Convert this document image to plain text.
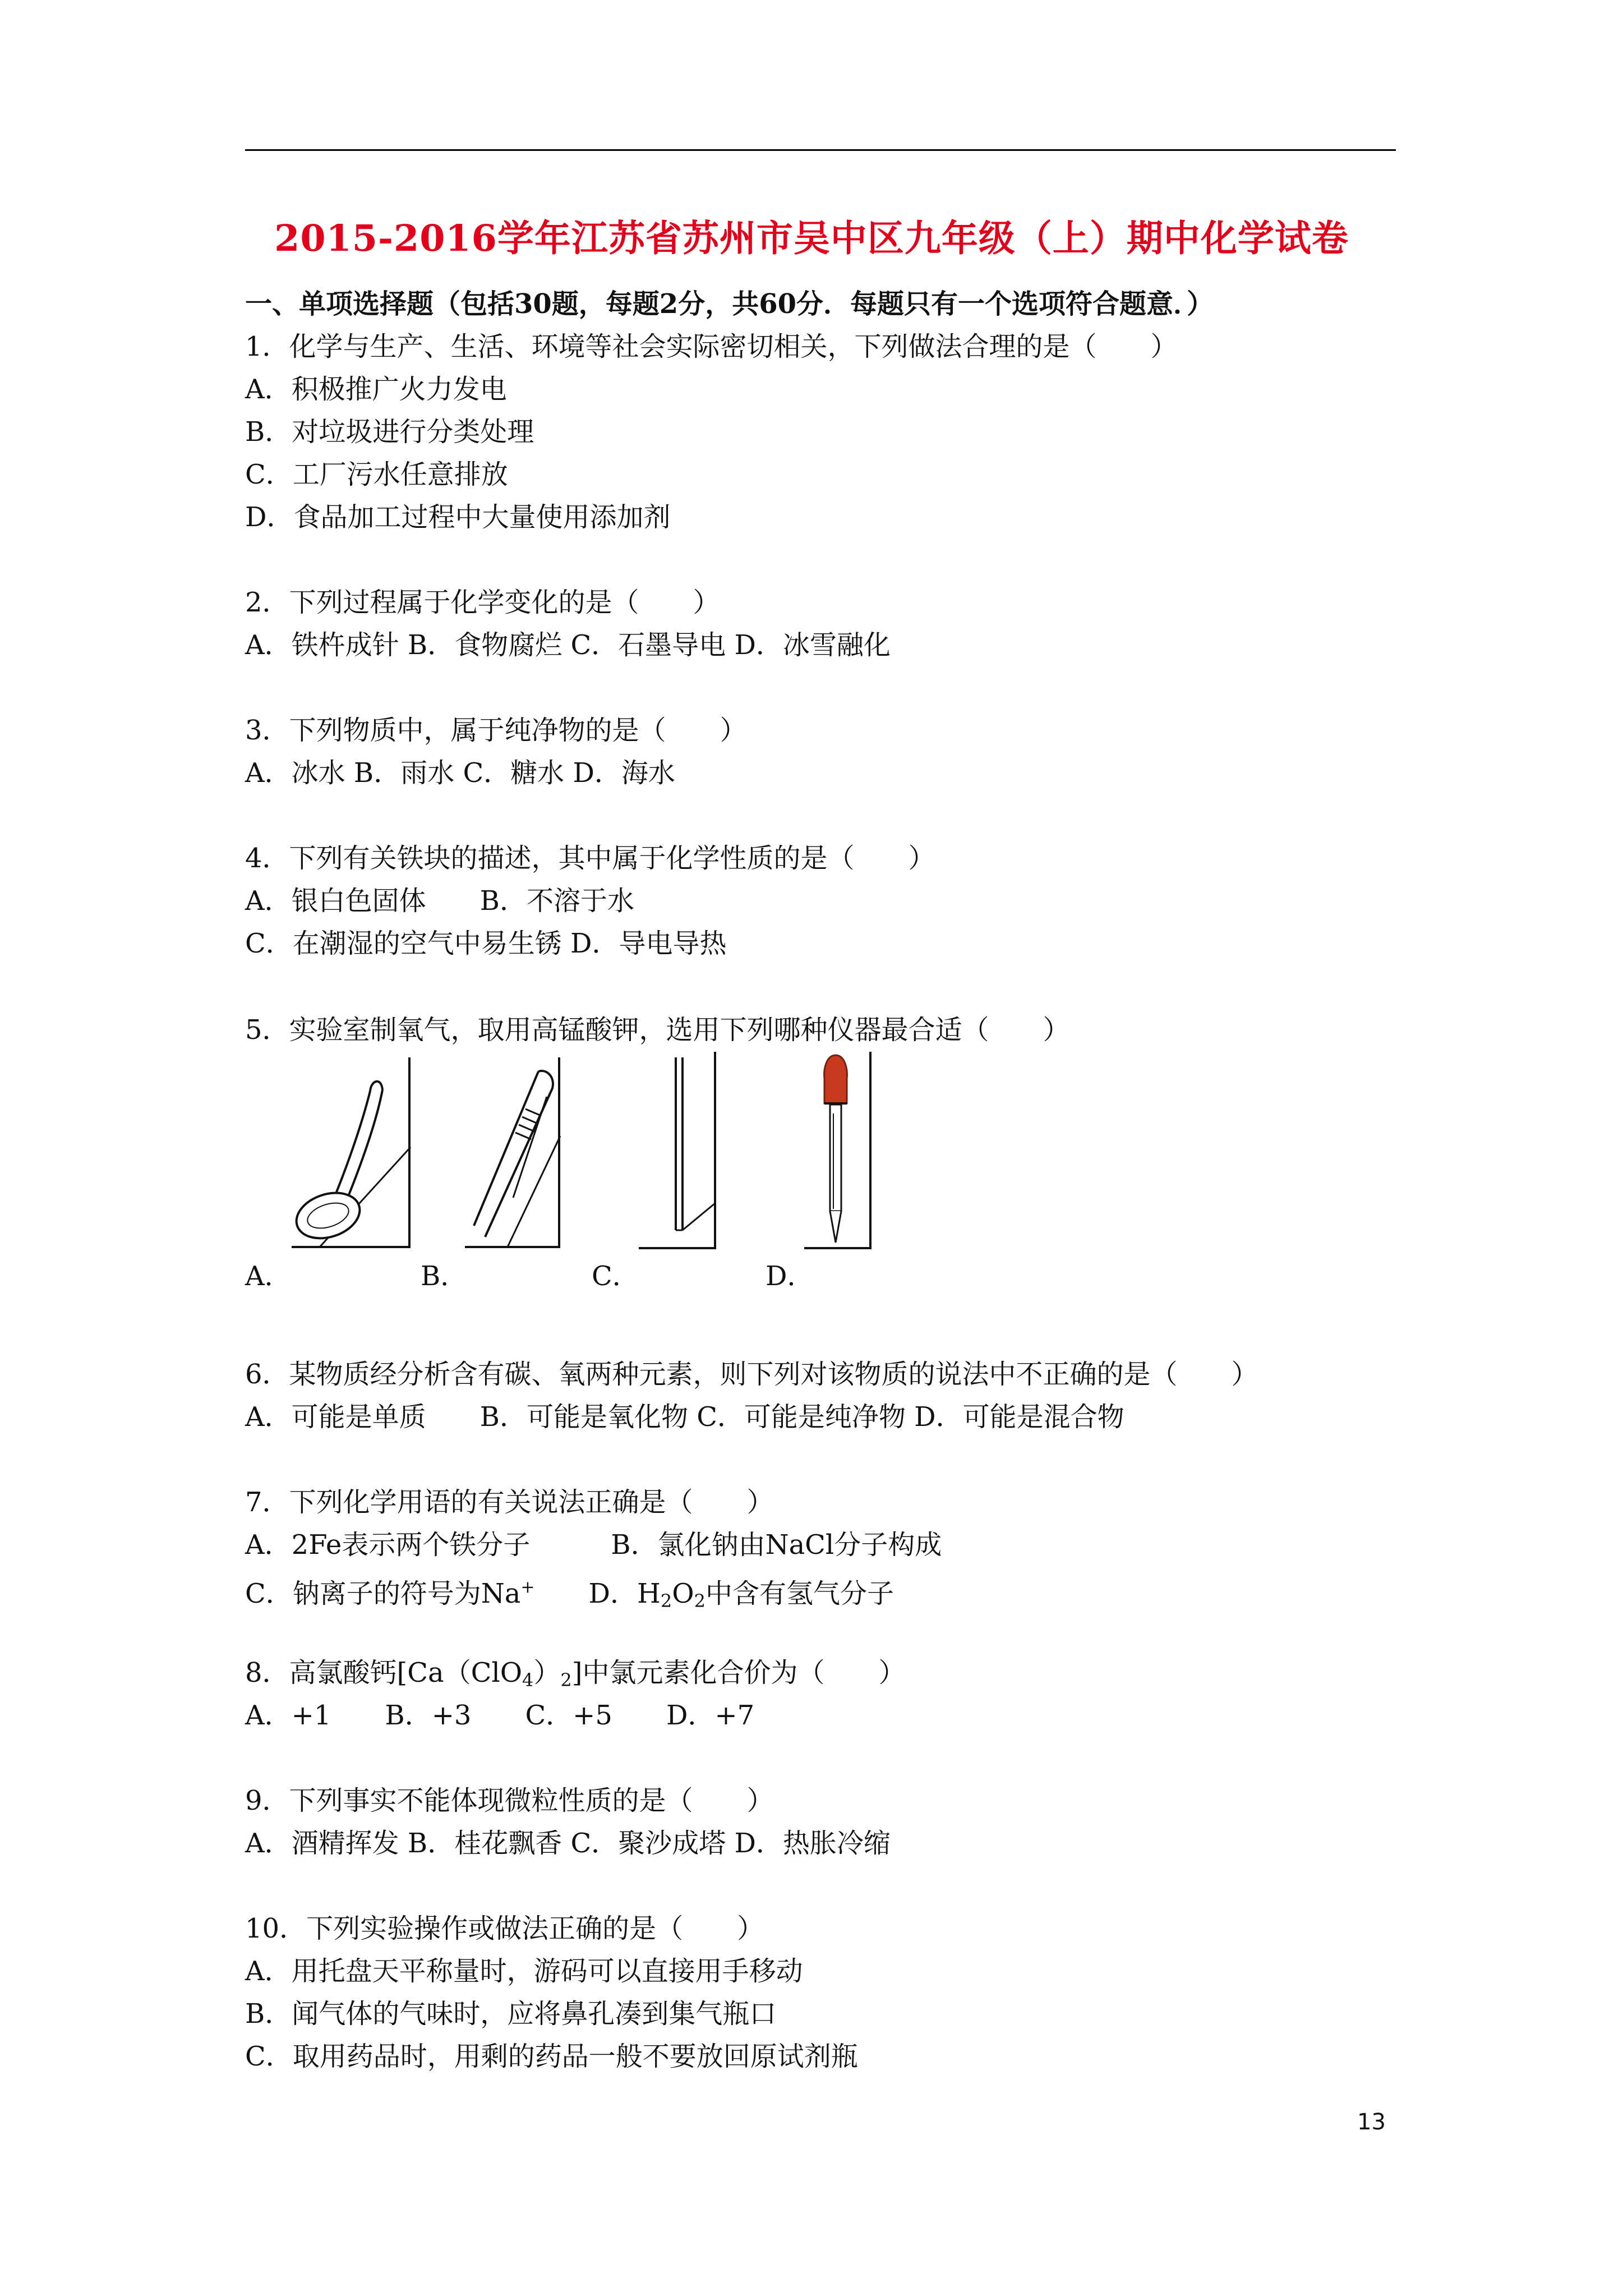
2015-2016学年江苏省苏州市吴中区九年级（上）期中化学试卷
一、单项选择题（包括30题，每题2分，共60分．每题只有一个选项符合题意．）
1．化学与生产、生活、环境等社会实际密切相关，下列做法合理的是（　　）
A．积极推广火力发电
B．对垃圾进行分类处理
C．工厂污水任意排放
D．食品加工过程中大量使用添加剂
2．下列过程属于化学变化的是（　　）
A．铁杵成针 B．食物腐烂 C．石墨导电 D．冰雪融化
3．下列物质中，属于纯净物的是（　　）
A．冰水 B．雨水 C．糖水 D．海水
4．下列有关铁块的描述，其中属于化学性质的是（　　）
A．银白色固体　　B．不溶于水
C．在潮湿的空气中易生锈 D．导电导热
5．实验室制氧气，取用高锰酸钾，选用下列哪种仪器最合适（　　）
A．	B．	C．	D．
6．某物质经分析含有碳、氧两种元素，则下列对该物质的说法中不正确的是（　　）
A．可能是单质　　B．可能是氧化物 C．可能是纯净物 D．可能是混合物
7．下列化学用语的有关说法正确是（　　）
A．2Fe表示两个铁分子　　　B．氯化钠由NaCl分子构成
C．钠离子的符号为Na+　　D．$H_2O_2$中含有氢气分子
8．高氯酸钙$[Ca(ClO_4)_2]$中氯元素化合价为（　　）
A．+1　　B．+3　　C．+5　　D．+7
9．下列事实不能体现微粒性质的是（　　）
A．酒精挥发 B．桂花飘香 C．聚沙成塔 D．热胀冷缩
10．下列实验操作或做法正确的是（　　）
A．用托盘天平称量时，游码可以直接用手移动
B．闻气体的气味时，应将鼻孔凑到集气瓶口
C．取用药品时，用剩的药品一般不要放回原试剂瓶
13
